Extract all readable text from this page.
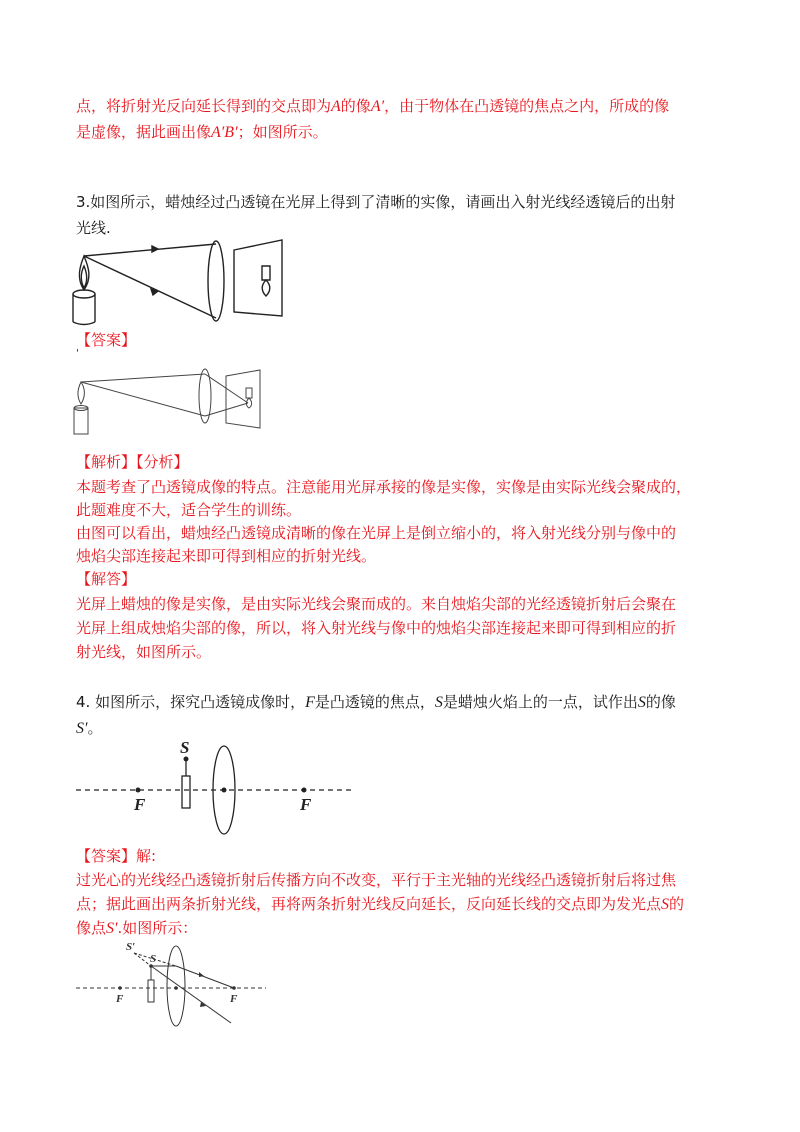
点，将折射光反向延长得到的交点即为A的像A′，由于物体在凸透镜的焦点之内，所成的像
是虚像，据此画出像A′B′；如图所示。
3.如图所示，蜡烛经过凸透镜在光屏上得到了清晰的实像，请画出入射光线经透镜后的出射
光线.
【答案】
'
【解析】【分析】
本题考查了凸透镜成像的特点。注意能用光屏承接的像是实像，实像是由实际光线会聚成的，
此题难度不大，适合学生的训练。
由图可以看出，蜡烛经凸透镜成清晰的像在光屏上是倒立缩小的，将入射光线分别与像中的
烛焰尖部连接起来即可得到相应的折射光线。
【解答】
光屏上蜡烛的像是实像，是由实际光线会聚而成的。来自烛焰尖部的光经透镜折射后会聚在
光屏上组成烛焰尖部的像，所以，将入射光线与像中的烛焰尖部连接起来即可得到相应的折
射光线，如图所示。
4. 如图所示，探究凸透镜成像时，F是凸透镜的焦点，S是蜡烛火焰上的一点，试作出S的像
S′。
S
F	F
【答案】解:
过光心的光线经凸透镜折射后传播方向不改变，平行于主光轴的光线经凸透镜折射后将过焦
点；据此画出两条折射光线，再将两条折射光线反向延长，反向延长线的交点即为发光点S的
像点S′.如图所示：
S′
S
F	F
